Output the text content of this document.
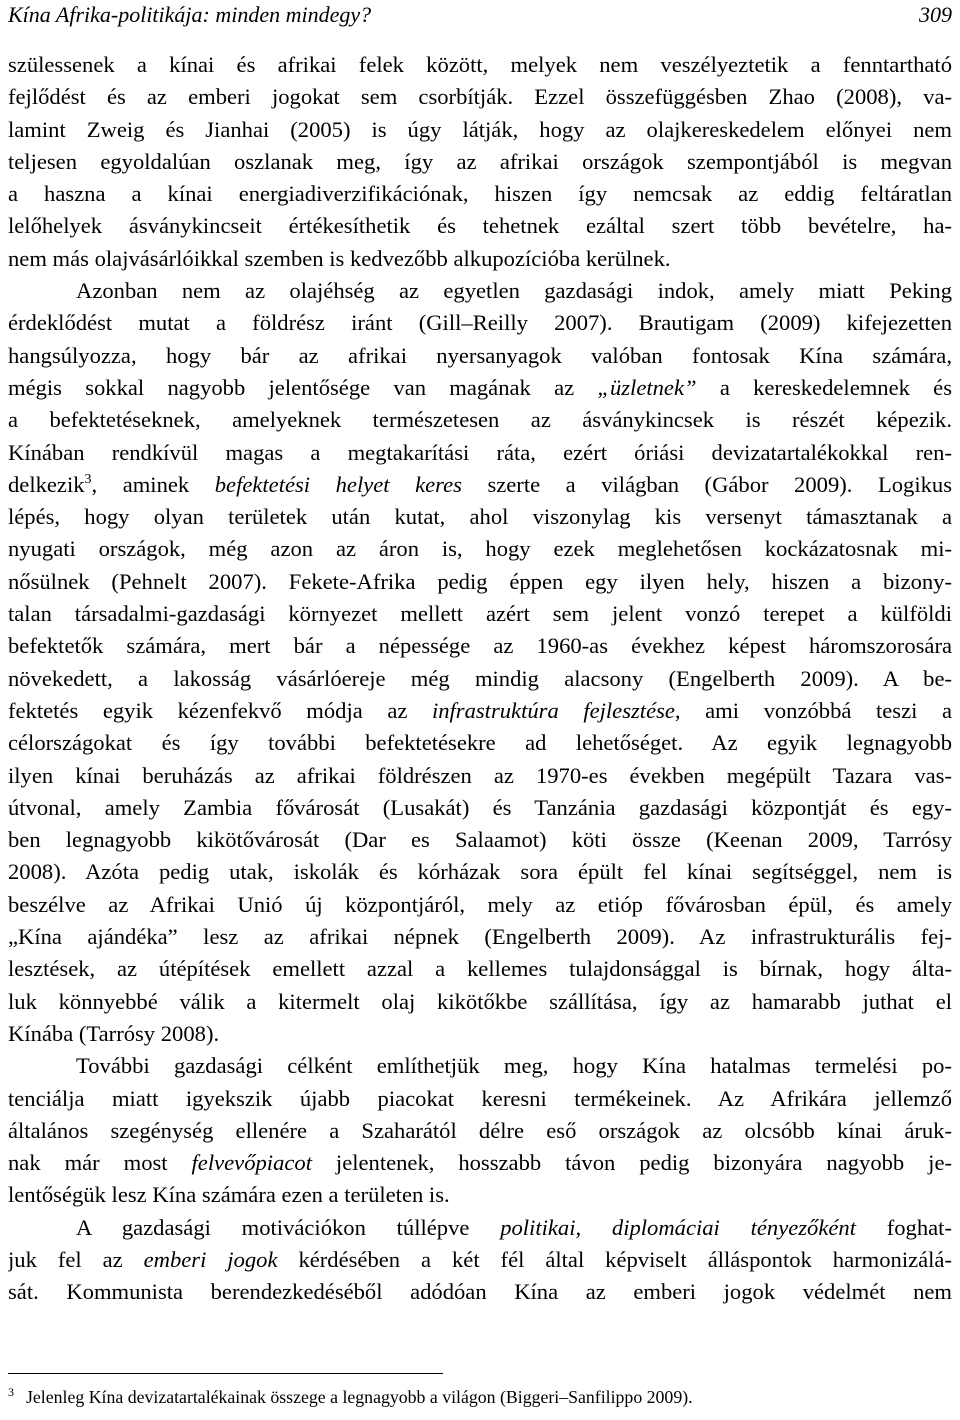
Kína Afrika-politikája: minden mindegy?	309
szülessenek a kínai és afrikai felek között, melyek nem veszélyeztetik a fenntartható
fejlődést és az emberi jogokat sem csorbítják. Ezzel összefüggésben Zhao (2008), va-
lamint Zweig és Jianhai (2005) is úgy látják, hogy az olajkereskedelem előnyei nem
teljesen egyoldalúan oszlanak meg, így az afrikai országok szempontjából is megvan
a haszna a kínai energiadiverzifikációnak, hiszen így nemcsak az eddig feltáratlan
lelőhelyek ásványkincseit értékesíthetik és tehetnek ezáltal szert több bevételre, ha-
nem más olajvásárlóikkal szemben is kedvezőbb alkupozícióba kerülnek.
Azonban nem az olajéhség az egyetlen gazdasági indok, amely miatt Peking
érdeklődést mutat a földrész iránt (Gill–Reilly 2007). Brautigam (2009) kifejezetten
hangsúlyozza, hogy bár az afrikai nyersanyagok valóban fontosak Kína számára,
mégis sokkal nagyobb jelentősége van magának az „üzletnek” a kereskedelemnek és
a befektetéseknek, amelyeknek természetesen az ásványkincsek is részét képezik.
Kínában rendkívül magas a megtakarítási ráta, ezért óriási devizatartalékokkal ren-
delkezik$^3$, aminek befektetési helyet keres szerte a világban (Gábor 2009). Logikus
lépés, hogy olyan területek után kutat, ahol viszonylag kis versenyt támasztanak a
nyugati országok, még azon az áron is, hogy ezek meglehetősen kockázatosnak mi-
nősülnek (Pehnelt 2007). Fekete-Afrika pedig éppen egy ilyen hely, hiszen a bizony-
talan társadalmi-gazdasági környezet mellett azért sem jelent vonzó terepet a külföldi
befektetők számára, mert bár a népessége az 1960-as évekhez képest háromszorosára
növekedett, a lakosság vásárlóereje még mindig alacsony (Engelberth 2009). A be-
fektetés egyik kézenfekvő módja az infrastruktúra fejlesztése, ami vonzóbbá teszi a
célországokat és így további befektetésekre ad lehetőséget. Az egyik legnagyobb
ilyen kínai beruházás az afrikai földrészen az 1970-es években megépült Tazara vas-
útvonal, amely Zambia fővárosát (Lusakát) és Tanzánia gazdasági központját és egy-
ben legnagyobb kikötővárosát (Dar es Salaamot) köti össze (Keenan 2009, Tarrósy
2008). Azóta pedig utak, iskolák és kórházak sora épült fel kínai segítséggel, nem is
beszélve az Afrikai Unió új központjáról, mely az etióp fővárosban épül, és amely
„Kína ajándéka” lesz az afrikai népnek (Engelberth 2009). Az infrastrukturális fej-
lesztések, az útépítések emellett azzal a kellemes tulajdonsággal is bírnak, hogy álta-
luk könnyebbé válik a kitermelt olaj kikötőkbe szállítása, így az hamarabb juthat el
Kínába (Tarrósy 2008).
További gazdasági célként említhetjük meg, hogy Kína hatalmas termelési po-
tenciálja miatt igyekszik újabb piacokat keresni termékeinek. Az Afrikára jellemző
általános szegénység ellenére a Szaharától délre eső országok az olcsóbb kínai áruk-
nak már most felvevőpiacot jelentenek, hosszabb távon pedig bizonyára nagyobb je-
lentőségük lesz Kína számára ezen a területen is.
A gazdasági motivációkon túllépve politikai, diplomáciai tényezőként foghat-
juk fel az emberi jogok kérdésében a két fél által képviselt álláspontok harmonizálá-
sát. Kommunista berendezkedéséből adódóan Kína az emberi jogok védelmét nem
$^3$ Jelenleg Kína devizatartalékainak összege a legnagyobb a világon (Biggeri–Sanfilippo 2009).
